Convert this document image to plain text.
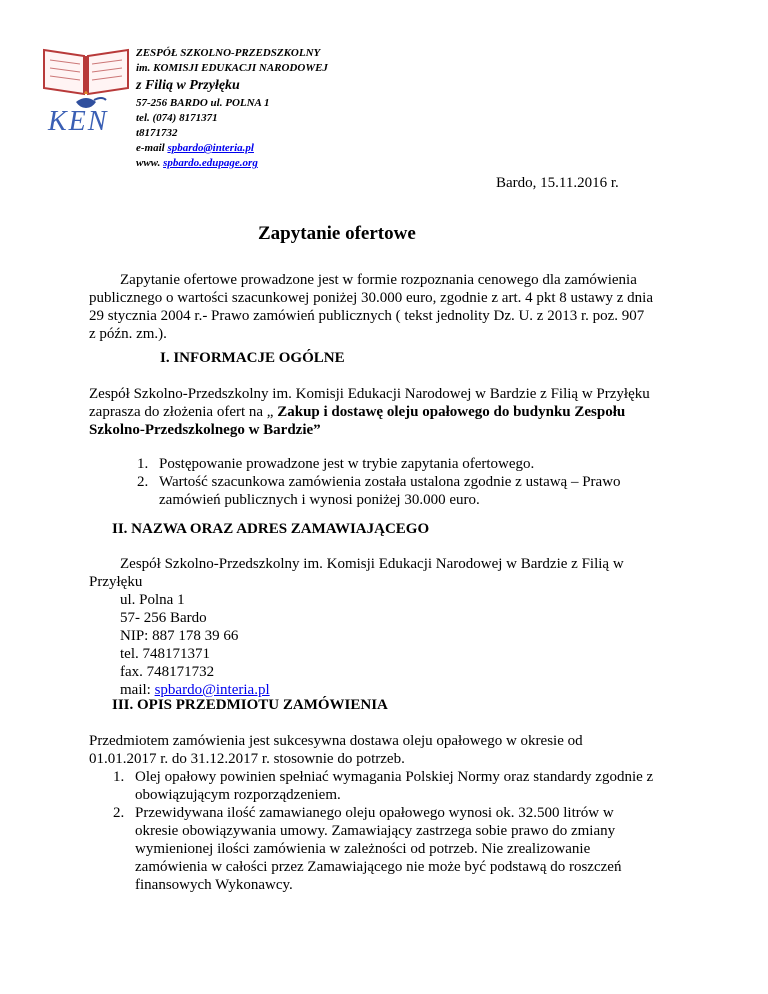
KEN
ZESPÓŁ SZKOLNO-PRZEDSZKOLNY
im. KOMISJI EDUKACJI NARODOWEJ
z Filią w Przyłęku
57-256 BARDO ul. POLNA 1
tel. (074) 8171371
t8171732
e-mail spbardo@interia.pl
www. spbardo.edupage.org
Bardo, 15.11.2016 r.
Zapytanie ofertowe
Zapytanie ofertowe prowadzone jest w formie rozpoznania cenowego dla zamówienia
publicznego o wartości szacunkowej poniżej 30.000 euro, zgodnie z art. 4 pkt 8 ustawy z dnia
29 stycznia 2004 r.- Prawo zamówień publicznych ( tekst jednolity Dz. U. z 2013 r. poz. 907
z późn. zm.).
I. INFORMACJE OGÓLNE
Zespół Szkolno-Przedszkolny im. Komisji Edukacji Narodowej w Bardzie z Filią w Przyłęku
zaprasza do złożenia ofert na „ Zakup i dostawę oleju opałowego do budynku Zespołu
Szkolno-Przedszkolnego w Bardzie”
1. Postępowanie prowadzone jest w trybie zapytania ofertowego.
2. Wartość szacunkowa zamówienia została ustalona zgodnie z ustawą – Prawo
zamówień publicznych i wynosi poniżej 30.000 euro.
II. NAZWA ORAZ ADRES ZAMAWIAJĄCEGO
Zespół Szkolno-Przedszkolny im. Komisji Edukacji Narodowej w Bardzie z Filią w
Przyłęku
ul. Polna 1
57- 256 Bardo
NIP: 887 178 39 66
tel. 748171371
fax. 748171732
mail: spbardo@interia.pl
III. OPIS PRZEDMIOTU ZAMÓWIENIA
Przedmiotem zamówienia jest sukcesywna dostawa oleju opałowego w okresie od
01.01.2017 r. do 31.12.2017 r. stosownie do potrzeb.
1. Olej opałowy powinien spełniać wymagania Polskiej Normy oraz standardy zgodnie z
obowiązującym rozporządzeniem.
2. Przewidywana ilość zamawianego oleju opałowego wynosi ok. 32.500 litrów w
okresie obowiązywania umowy. Zamawiający zastrzega sobie prawo do zmiany
wymienionej ilości zamówienia w zależności od potrzeb. Nie zrealizowanie
zamówienia w całości przez Zamawiającego nie może być podstawą do roszczeń
finansowych Wykonawcy.
